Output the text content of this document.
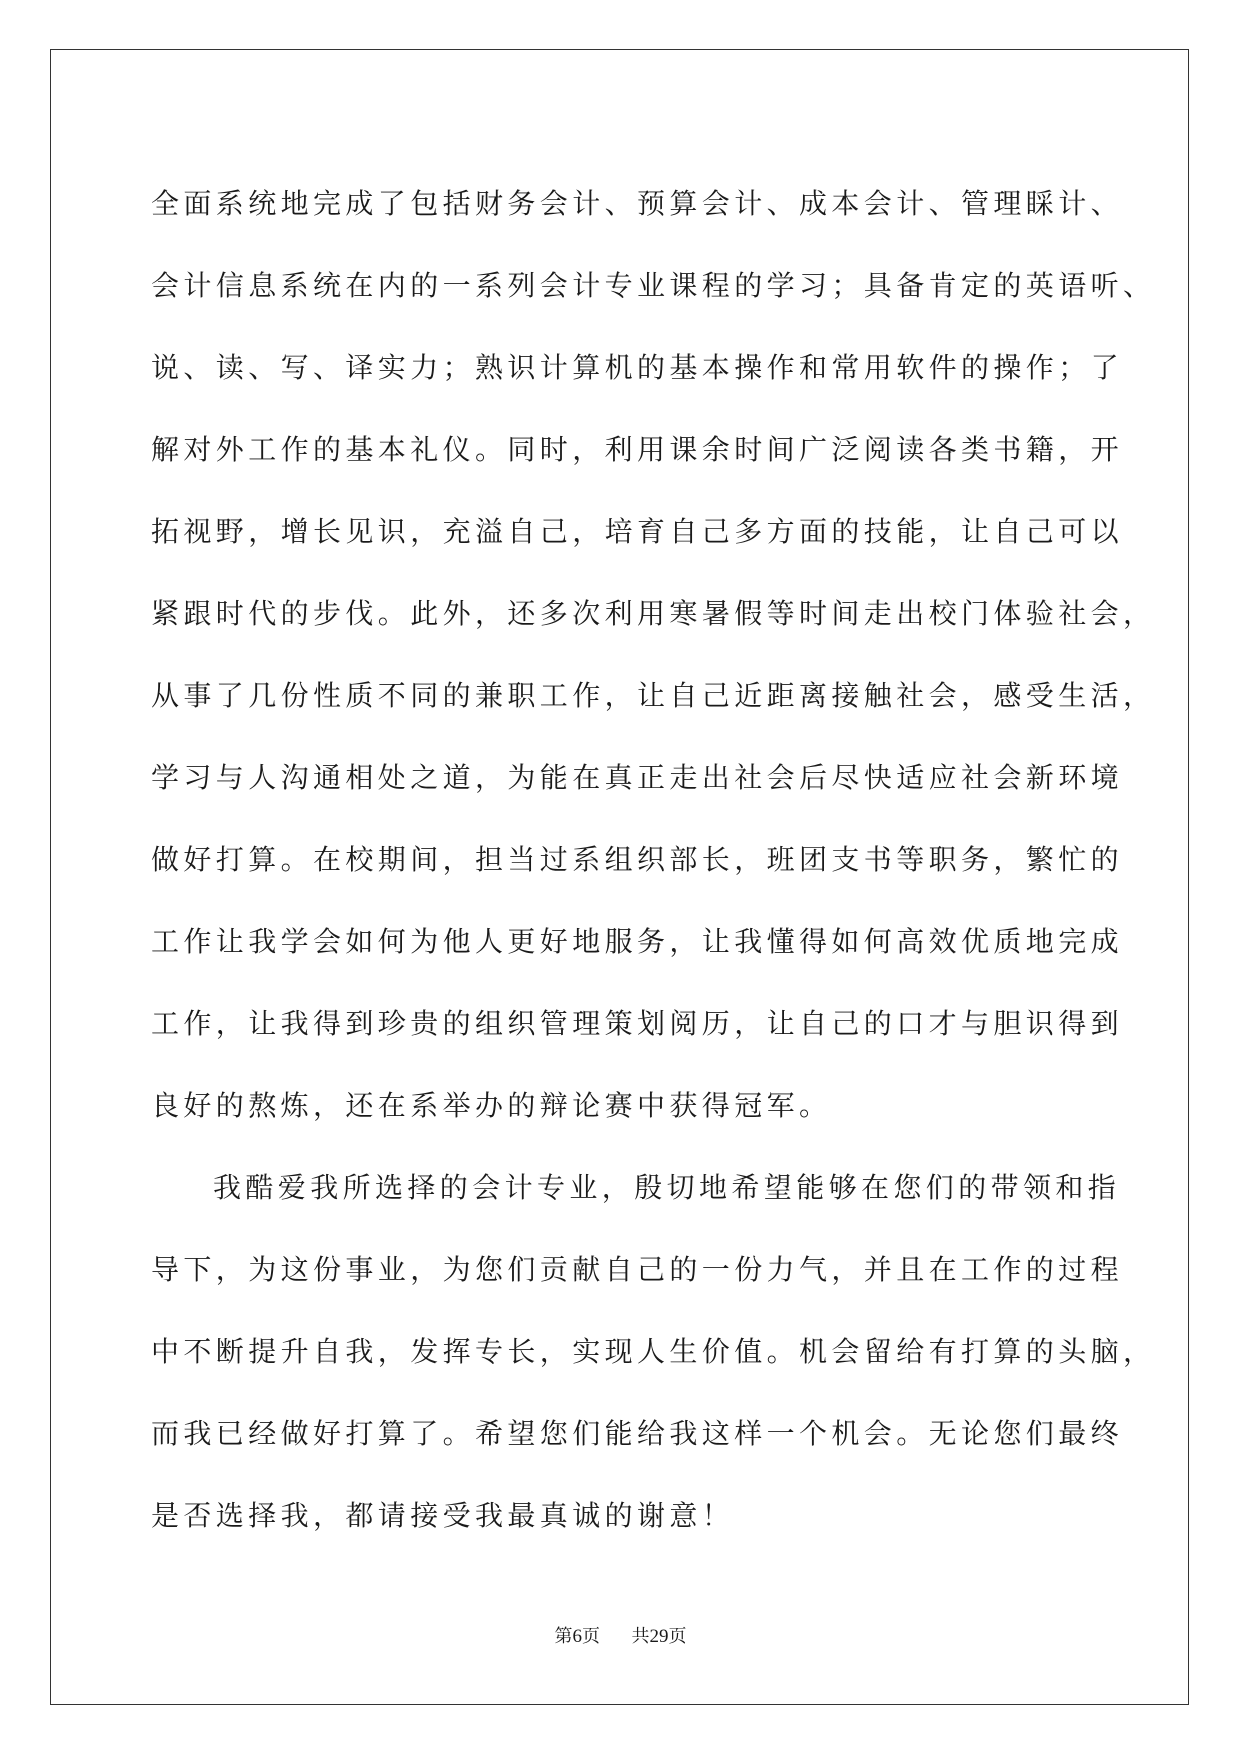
全面系统地完成了包括财务会计、预算会计、成本会计、管理睬计、
会计信息系统在内的一系列会计专业课程的学习；具备肯定的英语听、
说、读、写、译实力；熟识计算机的基本操作和常用软件的操作；了
解对外工作的基本礼仪。同时，利用课余时间广泛阅读各类书籍，开
拓视野，增长见识，充溢自己，培育自己多方面的技能，让自己可以
紧跟时代的步伐。此外，还多次利用寒暑假等时间走出校门体验社会，
从事了几份性质不同的兼职工作，让自己近距离接触社会，感受生活，
学习与人沟通相处之道，为能在真正走出社会后尽快适应社会新环境
做好打算。在校期间，担当过系组织部长，班团支书等职务，繁忙的
工作让我学会如何为他人更好地服务，让我懂得如何高效优质地完成
工作，让我得到珍贵的组织管理策划阅历，让自己的口才与胆识得到
良好的熬炼，还在系举办的辩论赛中获得冠军。
我酷爱我所选择的会计专业，殷切地希望能够在您们的带领和指
导下，为这份事业，为您们贡献自己的一份力气，并且在工作的过程
中不断提升自我，发挥专长，实现人生价值。机会留给有打算的头脑，
而我已经做好打算了。希望您们能给我这样一个机会。无论您们最终
是否选择我，都请接受我最真诚的谢意！
第6页 共29页
